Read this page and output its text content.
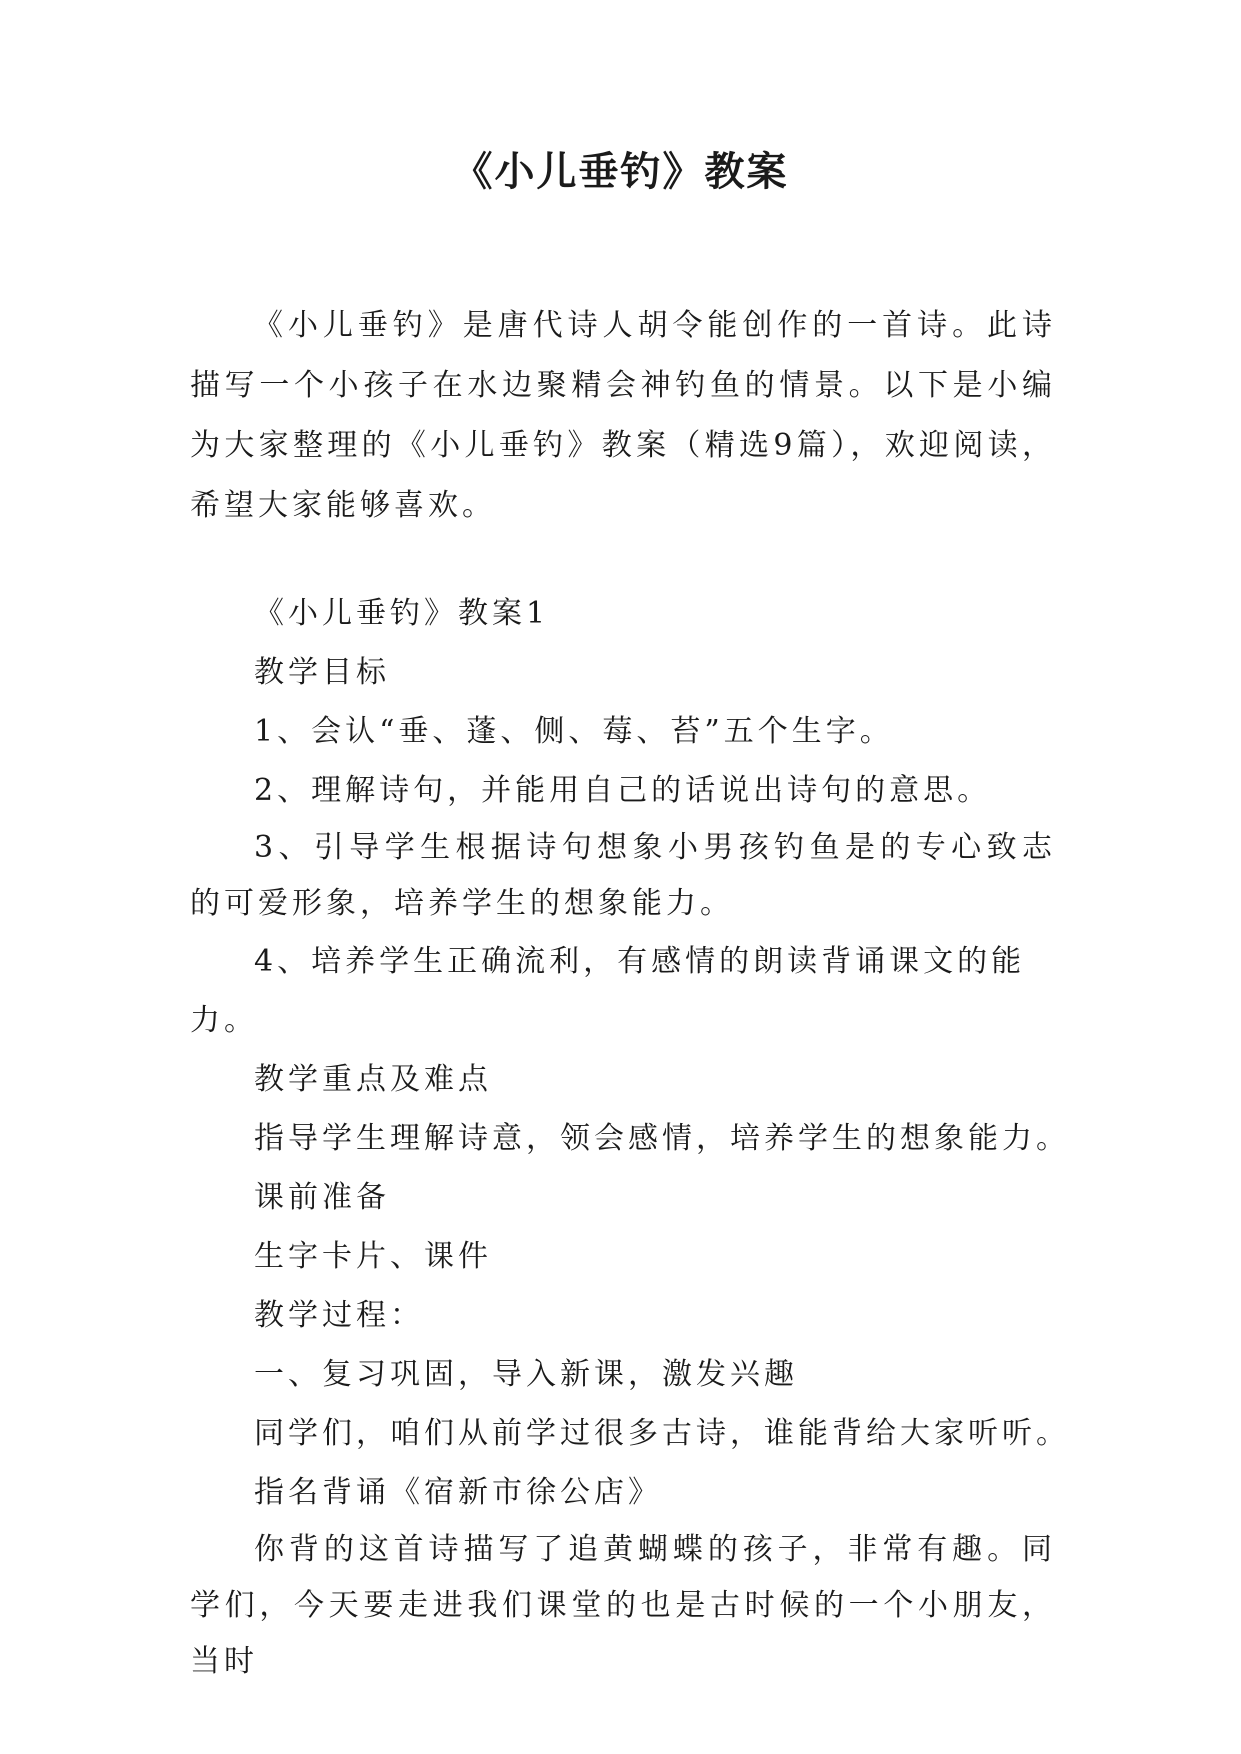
《小儿垂钓》教案

《小儿垂钓》是唐代诗人胡令能创作的一首诗。此诗描写一个小孩子在水边聚精会神钓鱼的情景。以下是小编为大家整理的《小儿垂钓》教案（精选9篇），欢迎阅读，希望大家能够喜欢。

《小儿垂钓》教案1

教学目标

1、会认“垂、蓬、侧、莓、苔”五个生字。

2、理解诗句，并能用自己的话说出诗句的意思。

3、引导学生根据诗句想象小男孩钓鱼是的专心致志的可爱形象，培养学生的想象能力。

4、培养学生正确流利，有感情的朗读背诵课文的能力。

教学重点及难点

指导学生理解诗意，领会感情，培养学生的想象能力。

课前准备

生字卡片、课件

教学过程：

一、复习巩固，导入新课，激发兴趣

同学们，咱们从前学过很多古诗，谁能背给大家听听。

指名背诵《宿新市徐公店》

你背的这首诗描写了追黄蝴蝶的孩子，非常有趣。同学们，今天要走进我们课堂的也是古时候的一个小朋友，当时
